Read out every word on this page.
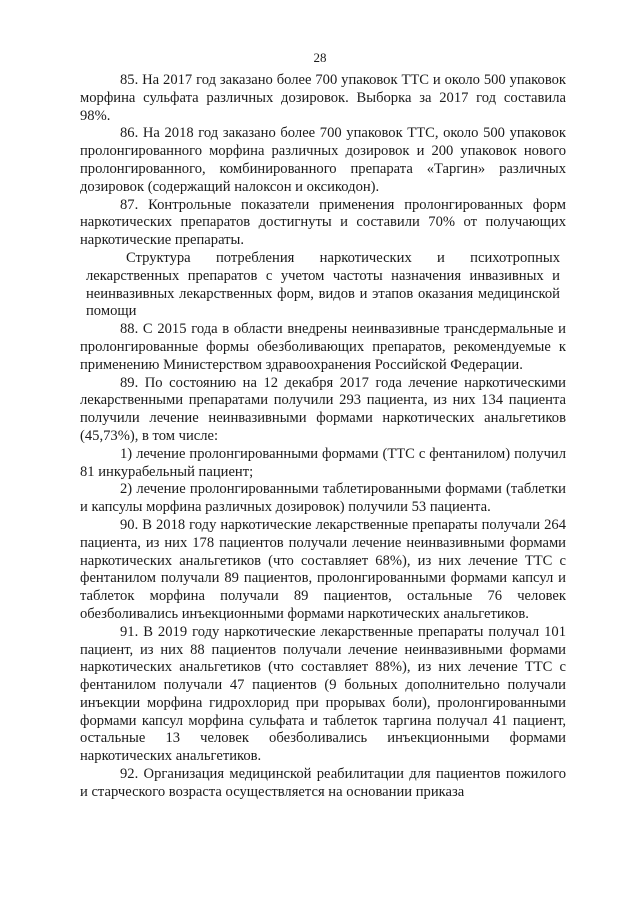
28

85. На 2017 год заказано более 700 упаковок ТТС и около 500 упаковок морфина сульфата различных дозировок. Выборка за 2017 год составила 98%.

86. На 2018 год заказано более 700 упаковок ТТС, около 500 упаковок пролонгированного морфина различных дозировок и 200 упаковок нового пролонгированного, комбинированного препарата «Таргин» различных дозировок (содержащий налоксон и оксикодон).

87. Контрольные показатели применения пролонгированных форм наркотических препаратов достигнуты и составили 70% от получающих наркотические препараты.

Структура потребления наркотических и психотропных лекарственных препаратов с учетом частоты назначения инвазивных и неинвазивных лекарственных форм, видов и этапов оказания медицинской помощи

88. С 2015 года в области внедрены неинвазивные трансдермальные и пролонгированные формы обезболивающих препаратов, рекомендуемые к применению Министерством здравоохранения Российской Федерации.

89. По состоянию на 12 декабря 2017 года лечение наркотическими лекарственными препаратами получили 293 пациента, из них 134 пациента получили лечение неинвазивными формами наркотических анальгетиков (45,73%), в том числе:

1) лечение пролонгированными формами (ТТС с фентанилом) получил 81 инкурабельный пациент;

2) лечение пролонгированными таблетированными формами (таблетки и капсулы морфина различных дозировок) получили 53 пациента.

90. В 2018 году наркотические лекарственные препараты получали 264 пациента, из них 178 пациентов получали лечение неинвазивными формами наркотических анальгетиков (что составляет 68%), из них лечение ТТС с фентанилом получали 89 пациентов, пролонгированными формами капсул и таблеток морфина получали 89 пациентов, остальные 76 человек обезболивались инъекционными формами наркотических анальгетиков.

91. В 2019 году наркотические лекарственные препараты получал 101 пациент, из них 88 пациентов получали лечение неинвазивными формами наркотических анальгетиков (что составляет 88%), из них лечение ТТС с фентанилом получали 47 пациентов (9 больных дополнительно получали инъекции морфина гидрохлорид при прорывах боли), пролонгированными формами капсул морфина сульфата и таблеток таргина получал 41 пациент, остальные 13 человек обезболивались инъекционными формами наркотических анальгетиков.

92. Организация медицинской реабилитации для пациентов пожилого и старческого возраста осуществляется на основании приказа
